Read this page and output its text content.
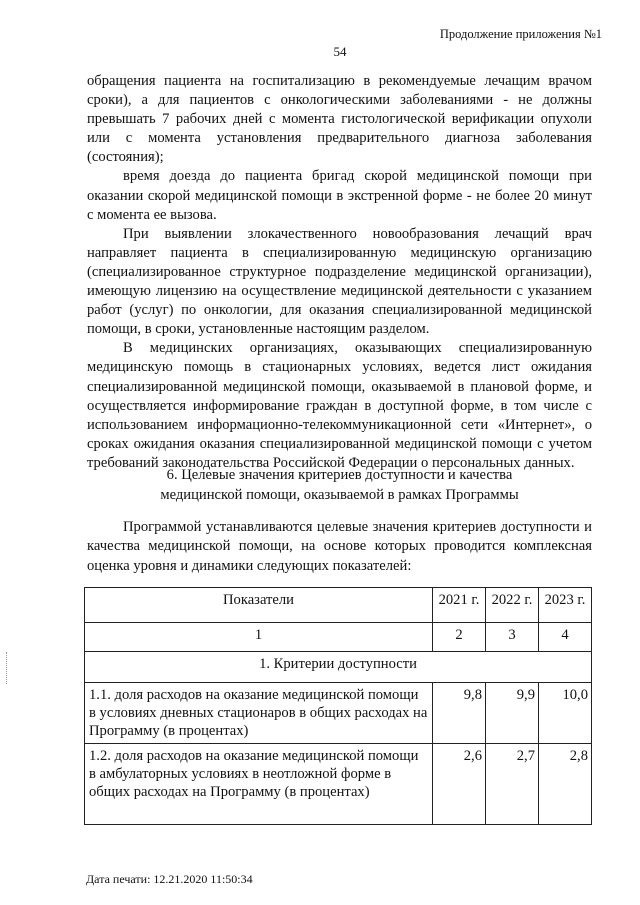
Продолжение приложения №1
54

обращения пациента на госпитализацию в рекомендуемые лечащим врачом сроки), а для пациентов с онкологическими заболеваниями - не должны превышать 7 рабочих дней с момента гистологической верификации опухоли или с момента установления предварительного диагноза заболевания (состояния);

время доезда до пациента бригад скорой медицинской помощи при оказании скорой медицинской помощи в экстренной форме - не более 20 минут с момента ее вызова.

При выявлении злокачественного новообразования лечащий врач направляет пациента в специализированную медицинскую организацию (специализированное структурное подразделение медицинской организации), имеющую лицензию на осуществление медицинской деятельности с указанием работ (услуг) по онкологии, для оказания специализированной медицинской помощи, в сроки, установленные настоящим разделом.

В медицинских организациях, оказывающих специализированную медицинскую помощь в стационарных условиях, ведется лист ожидания специализированной медицинской помощи, оказываемой в плановой форме, и осуществляется информирование граждан в доступной форме, в том числе с использованием информационно-телекоммуникационной сети «Интернет», о сроках ожидания оказания специализированной медицинской помощи с учетом требований законодательства Российской Федерации о персональных данных.

6. Целевые значения критериев доступности и качества
медицинской помощи, оказываемой в рамках Программы

Программой устанавливаются целевые значения критериев доступности и качества медицинской помощи, на основе которых проводится комплексная оценка уровня и динамики следующих показателей:

Показатели	2021 г.	2022 г.	2023 г.
1	2	3	4
1. Критерии доступности			
1.1. доля расходов на оказание медицинской помощи в условиях дневных стационаров в общих расходах на Программу (в процентах)	9,8	9,9	10,0
1.2. доля расходов на оказание медицинской помощи в амбулаторных условиях в неотложной форме в общих расходах на Программу (в процентах)	2,6	2,7	2,8
Дата печати: 12.21.2020 11:50:34
